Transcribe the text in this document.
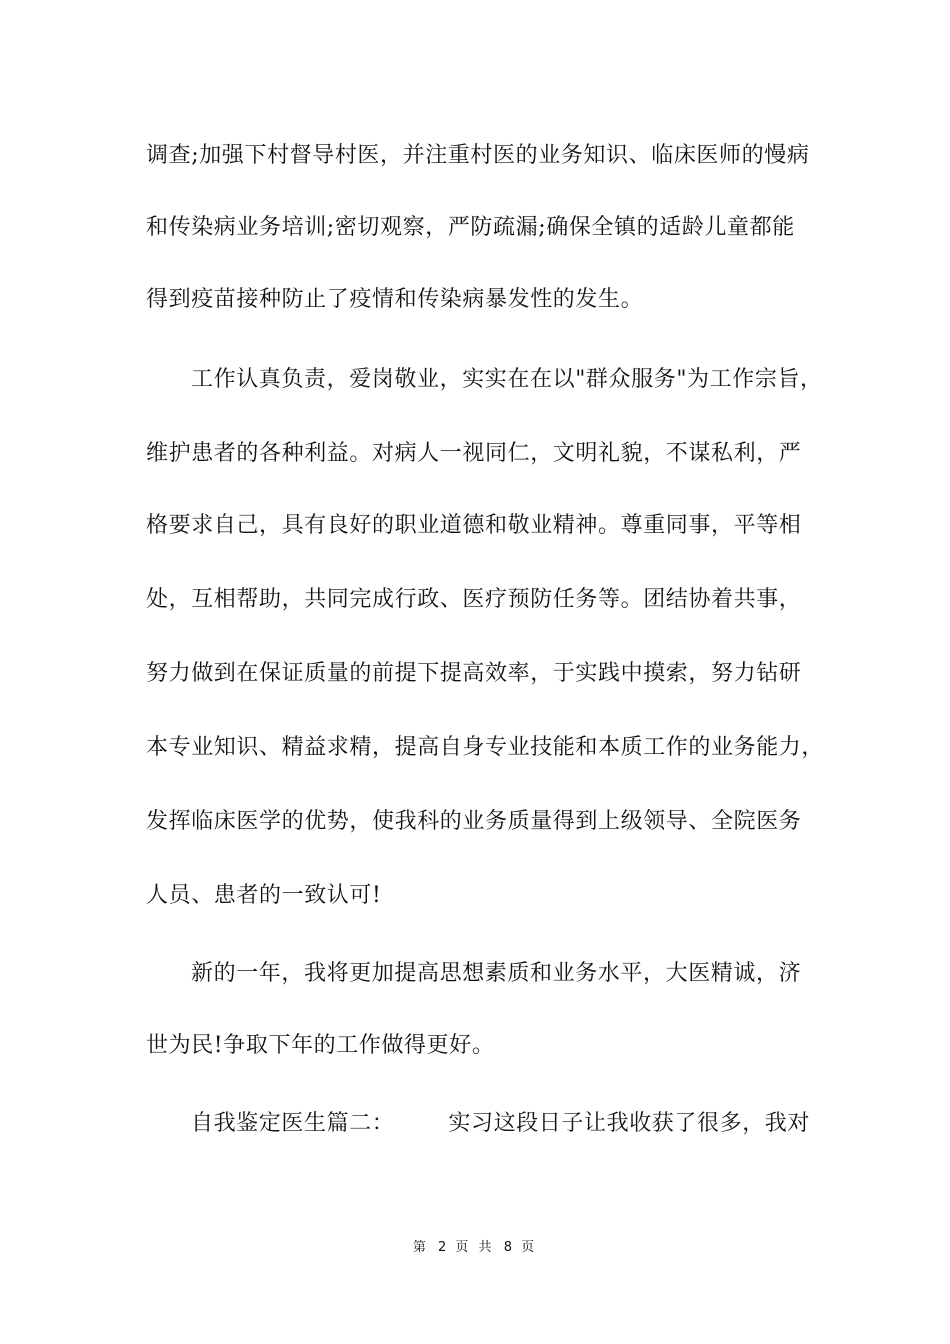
调查;加强下村督导村医，并注重村医的业务知识、临床医师的慢病
和传染病业务培训;密切观察，严防疏漏;确保全镇的适龄儿童都能
得到疫苗接种防止了疫情和传染病暴发性的发生。
工作认真负责，爱岗敬业，实实在在以"群众服务"为工作宗旨，
维护患者的各种利益。对病人一视同仁，文明礼貌，不谋私利，严
格要求自己，具有良好的职业道德和敬业精神。尊重同事，平等相
处，互相帮助，共同完成行政、医疗预防任务等。团结协着共事，
努力做到在保证质量的前提下提高效率，于实践中摸索，努力钻研
本专业知识、精益求精，提高自身专业技能和本质工作的业务能力，
发挥临床医学的优势，使我科的业务质量得到上级领导、全院医务
人员、患者的一致认可!
新的一年，我将更加提高思想素质和业务水平，大医精诚，济
世为民!争取下年的工作做得更好。
自我鉴定医生篇二： 实习这段日子让我收获了很多，我对
第 2 页 共 8 页
